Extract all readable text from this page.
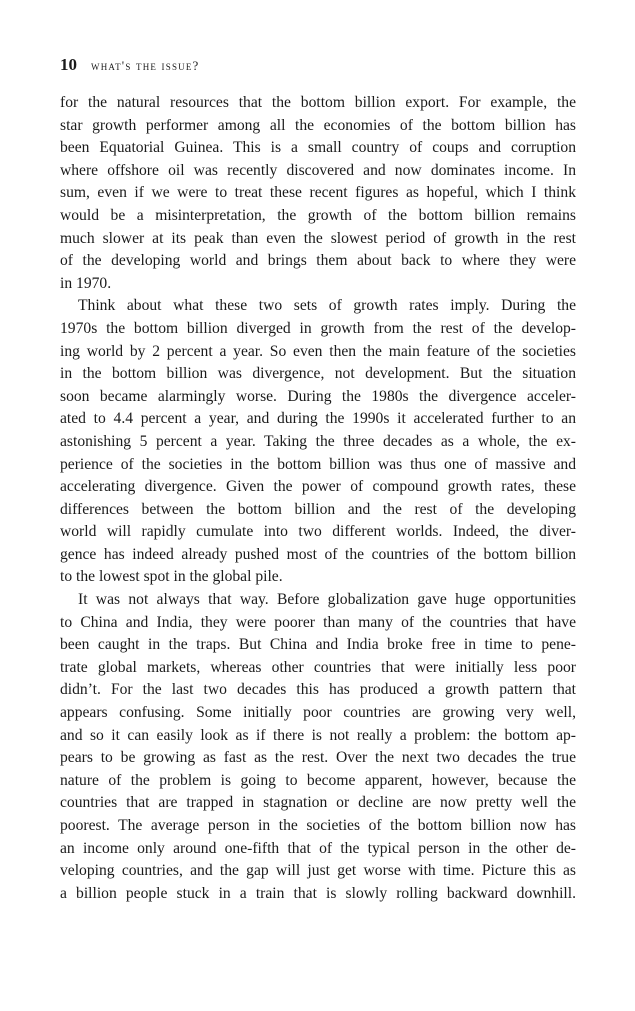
10 what's the issue?
for the natural resources that the bottom billion export. For example, the
star growth performer among all the economies of the bottom billion has
been Equatorial Guinea. This is a small country of coups and corruption
where offshore oil was recently discovered and now dominates income. In
sum, even if we were to treat these recent figures as hopeful, which I think
would be a misinterpretation, the growth of the bottom billion remains
much slower at its peak than even the slowest period of growth in the rest
of the developing world and brings them about back to where they were
in 1970.
Think about what these two sets of growth rates imply. During the
1970s the bottom billion diverged in growth from the rest of the develop-
ing world by 2 percent a year. So even then the main feature of the societies
in the bottom billion was divergence, not development. But the situation
soon became alarmingly worse. During the 1980s the divergence acceler-
ated to 4.4 percent a year, and during the 1990s it accelerated further to an
astonishing 5 percent a year. Taking the three decades as a whole, the ex-
perience of the societies in the bottom billion was thus one of massive and
accelerating divergence. Given the power of compound growth rates, these
differences between the bottom billion and the rest of the developing
world will rapidly cumulate into two different worlds. Indeed, the diver-
gence has indeed already pushed most of the countries of the bottom billion
to the lowest spot in the global pile.
It was not always that way. Before globalization gave huge opportunities
to China and India, they were poorer than many of the countries that have
been caught in the traps. But China and India broke free in time to pene-
trate global markets, whereas other countries that were initially less poor
didn’t. For the last two decades this has produced a growth pattern that
appears confusing. Some initially poor countries are growing very well,
and so it can easily look as if there is not really a problem: the bottom ap-
pears to be growing as fast as the rest. Over the next two decades the true
nature of the problem is going to become apparent, however, because the
countries that are trapped in stagnation or decline are now pretty well the
poorest. The average person in the societies of the bottom billion now has
an income only around one-fifth that of the typical person in the other de-
veloping countries, and the gap will just get worse with time. Picture this as
a billion people stuck in a train that is slowly rolling backward downhill.
